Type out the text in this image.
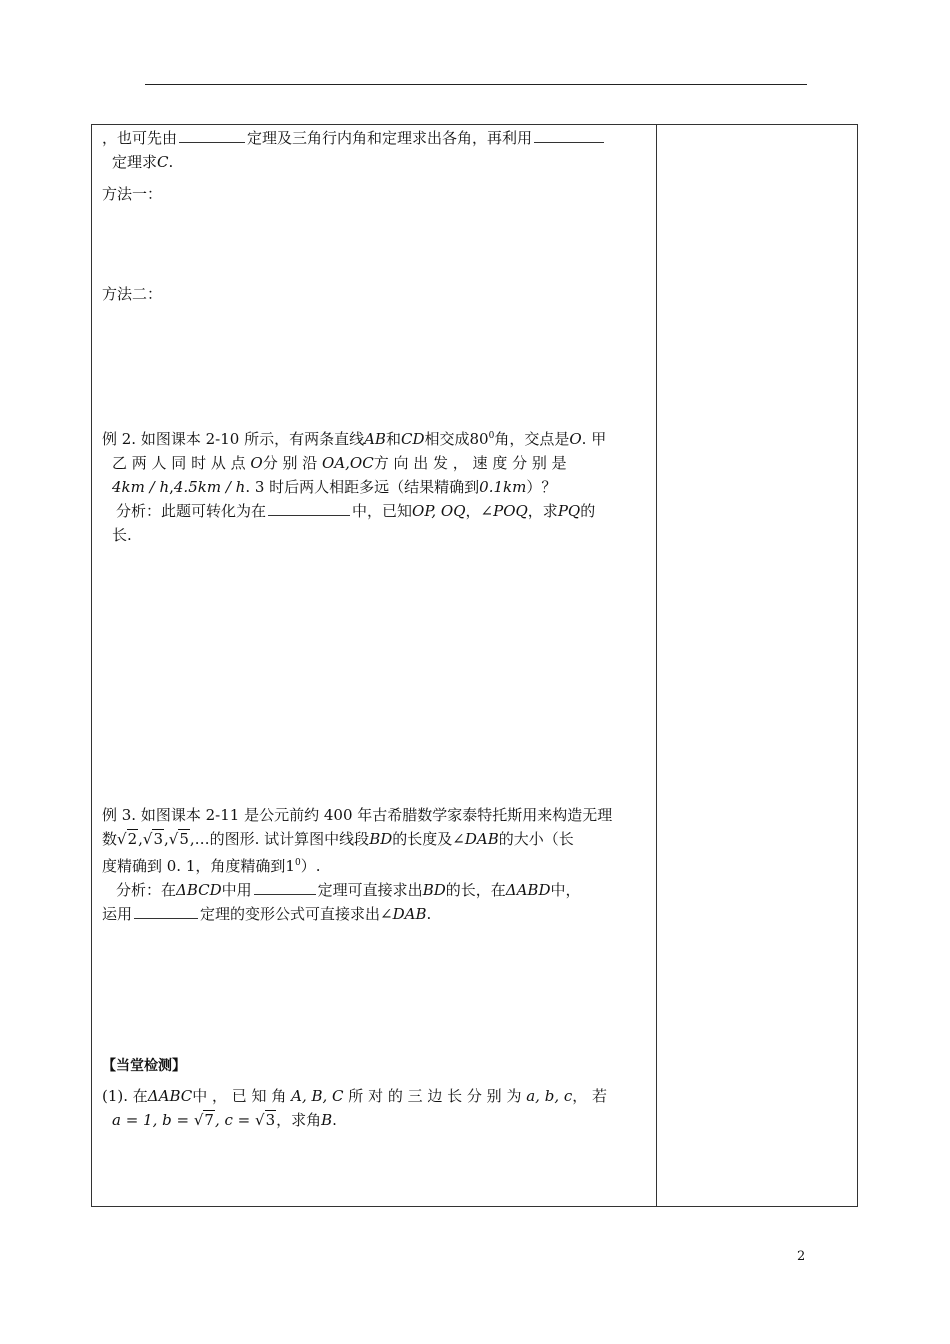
，也可先由	定理及三角行内角和定理求出各角，再利用

定理求C.

方法一：

方法二：

例 2. 如图课本 2-10 所示，有两条直线AB和CD相交成$80^0$角，交点是O. 甲

乙 两 人 同 时 从 点 O分 别 沿 OA,OC方 向 出 发 ， 速 度 分 别 是

4km / h,4.5km / h. 3 时后两人相距多远（结果精确到0.1km）？

分析：此题可转化为在	中，已知OP, OQ，∠POQ，求PQ的

长.

例 3. 如图课本 2-11 是公元前约 400 年古希腊数学家泰特托斯用来构造无理

数√2,√3,√5,…的图形. 试计算图中线段BD的长度及∠DAB的大小（长

度精确到 0. 1，角度精确到$1^0$）.

分析：在ΔBCD中用	定理可直接求出BD的长，在ΔABD中，

运用	定理的变形公式可直接求出∠DAB.

【当堂检测】

(1). 在ΔABC中 ， 已 知 角 A, B, C 所 对 的 三 边 长 分 别 为 a, b, c， 若

a = 1, b = √7, c = √3，求角B.

2
